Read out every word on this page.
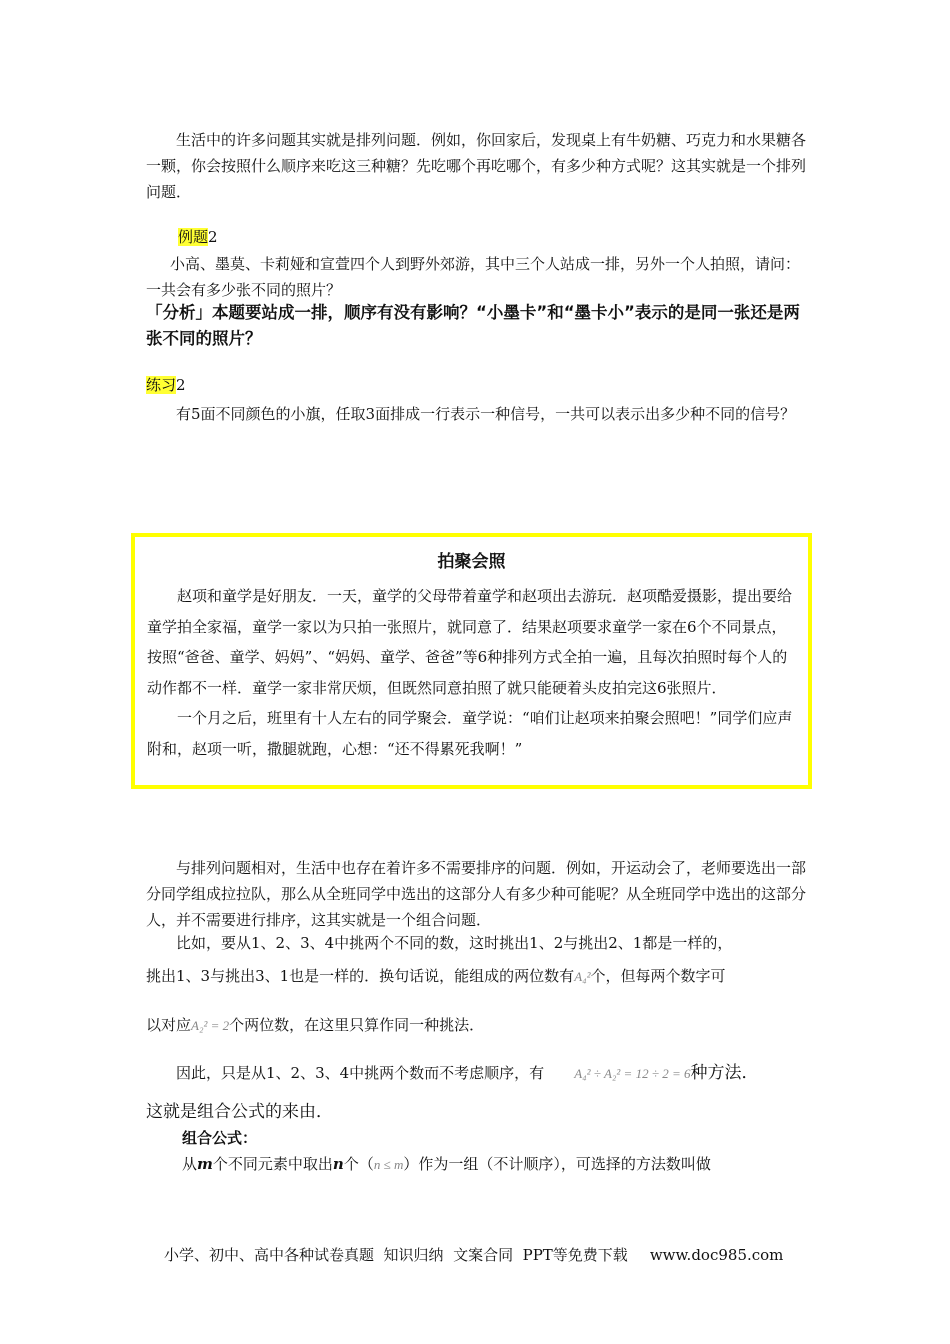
生活中的许多问题其实就是排列问题．例如，你回家后，发现桌上有牛奶糖、巧克力和水果糖各一颗，你会按照什么顺序来吃这三种糖？先吃哪个再吃哪个，有多少种方式呢？这其实就是一个排列问题．

例题2

小高、墨莫、卡莉娅和宣萱四个人到野外郊游，其中三个人站成一排，另外一个人拍照，请问：一共会有多少张不同的照片？

「分析」本题要站成一排，顺序有没有影响？“小墨卡”和“墨卡小”表示的是同一张还是两张不同的照片？

练习2

有5面不同颜色的小旗，任取3面排成一行表示一种信号，一共可以表示出多少种不同的信号？

拍聚会照

赵项和童学是好朋友．一天，童学的父母带着童学和赵项出去游玩．赵项酷爱摄影，提出要给童学拍全家福，童学一家以为只拍一张照片，就同意了．结果赵项要求童学一家在6个不同景点，按照“爸爸、童学、妈妈”、“妈妈、童学、爸爸”等6种排列方式全拍一遍，且每次拍照时每个人的动作都不一样．童学一家非常厌烦，但既然同意拍照了就只能硬着头皮拍完这6张照片．
一个月之后，班里有十人左右的同学聚会．童学说：“咱们让赵项来拍聚会照吧！”同学们应声附和，赵项一听，撒腿就跑，心想：“还不得累死我啊！”

与排列问题相对，生活中也存在着许多不需要排序的问题．例如，开运动会了，老师要选出一部分同学组成拉拉队，那么从全班同学中选出的这部分人有多少种可能呢？从全班同学中选出的这部分人，并不需要进行排序，这其实就是一个组合问题．

比如，要从1、2、3、4中挑两个不同的数，这时挑出1、2与挑出2、1都是一样的，

挑出1、3与挑出3、1也是一样的．换句话说，能组成的两位数有A₄²个，但每两个数字可

以对应A₂² = 2个两位数，在这里只算作同一种挑法．

因此，只是从1、2、3、4中挑两个数而不考虑顺序，有 A₄² ÷ A₂² = 12 ÷ 2 = 6种方法．

这就是组合公式的来由．
组合公式：

从m个不同元素中取出n个（n ≤ m）作为一组（不计顺序），可选择的方法数叫做

小学、初中、高中各种试卷真题  知识归纳  文案合同  PPT等免费下载 www.doc985.com
